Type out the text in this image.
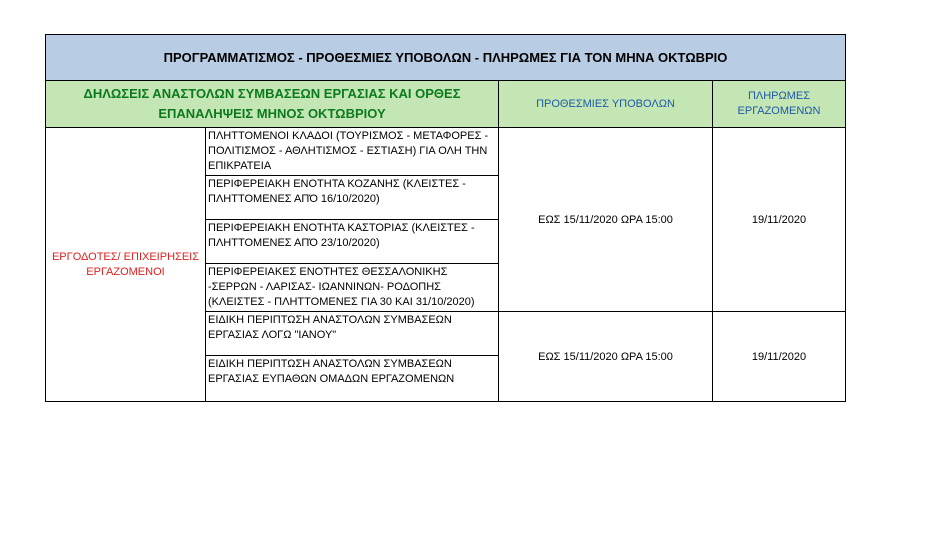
ΠΡΟΓΡΑΜΜΑΤΙΣΜΟΣ - ΠΡΟΘΕΣΜΙΕΣ ΥΠΟΒΟΛΩΝ - ΠΛΗΡΩΜΕΣ ΓΙΑ ΤΟΝ ΜΗΝΑ ΟΚΤΩΒΡΙΟ			
ΔΗΛΩΣΕΙΣ ΑΝΑΣΤΟΛΩΝ ΣΥΜΒΑΣΕΩΝ ΕΡΓΑΣΙΑΣ ΚΑΙ ΟΡΘΕΣ ΕΠΑΝΑΛΗΨΕΙΣ ΜΗΝΟΣ ΟΚΤΩΒΡΙΟΥ		ΠΡΟΘΕΣΜΙΕΣ ΥΠΟΒΟΛΩΝ	ΠΛΗΡΩΜΕΣ ΕΡΓΑΖΟΜΕΝΩΝ
ΕΡΓΟΔΟΤΕΣ/ ΕΠΙΧΕΙΡΗΣΕΙΣ ΕΡΓΑΖΟΜΕΝΟΙ	ΠΛΗΤΤΟΜΕΝΟΙ ΚΛΑΔΟΙ (ΤΟΥΡΙΣΜΟΣ - ΜΕΤΑΦΟΡΕΣ - ΠΟΛΙΤΙΣΜΟΣ - ΑΘΛΗΤΙΣΜΟΣ - ΕΣΤΙΑΣΗ) ΓΙΑ ΟΛΗ ΤΗΝ ΕΠΙΚΡΑΤΕΙΑ	ΕΩΣ 15/11/2020 ΩΡΑ 15:00	19/11/2020
	ΠΕΡΙΦΕΡΕΙΑΚΗ ΕΝΟΤΗΤΑ ΚΟΖΑΝΗΣ (ΚΛΕΙΣΤΕΣ - ΠΛΗΤΤΟΜΕΝΕΣ ΑΠΌ 16/10/2020)		
	ΠΕΡΙΦΕΡΕΙΑΚΗ ΕΝΟΤΗΤΑ ΚΑΣΤΟΡΙΑΣ (ΚΛΕΙΣΤΕΣ - ΠΛΗΤΤΟΜΕΝΕΣ ΑΠΌ 23/10/2020)		
	ΠΕΡΙΦΕΡΕΙΑΚΕΣ ΕΝΟΤΗΤΕΣ ΘΕΣΣΑΛΟΝΙΚΗΣ -ΣΕΡΡΩΝ - ΛΑΡΙΣΑΣ- ΙΩΑΝΝΙΝΩΝ- ΡΟΔΟΠΗΣ (ΚΛΕΙΣΤΕΣ - ΠΛΗΤΤΟΜΕΝΕΣ ΓΙΑ 30 ΚΑΙ 31/10/2020)		
	ΕΙΔΙΚΗ ΠΕΡΙΠΤΩΣΗ ΑΝΑΣΤΟΛΩΝ ΣΥΜΒΑΣΕΩΝ ΕΡΓΑΣΙΑΣ ΛΟΓΩ "ΙΑΝΟΥ"	ΕΩΣ 15/11/2020 ΩΡΑ 15:00	19/11/2020
	ΕΙΔΙΚΗ ΠΕΡΙΠΤΩΣΗ ΑΝΑΣΤΟΛΩΝ ΣΥΜΒΑΣΕΩΝ ΕΡΓΑΣΙΑΣ ΕΥΠΑΘΩΝ ΟΜΑΔΩΝ ΕΡΓΑΖΟΜΕΝΩΝ		
